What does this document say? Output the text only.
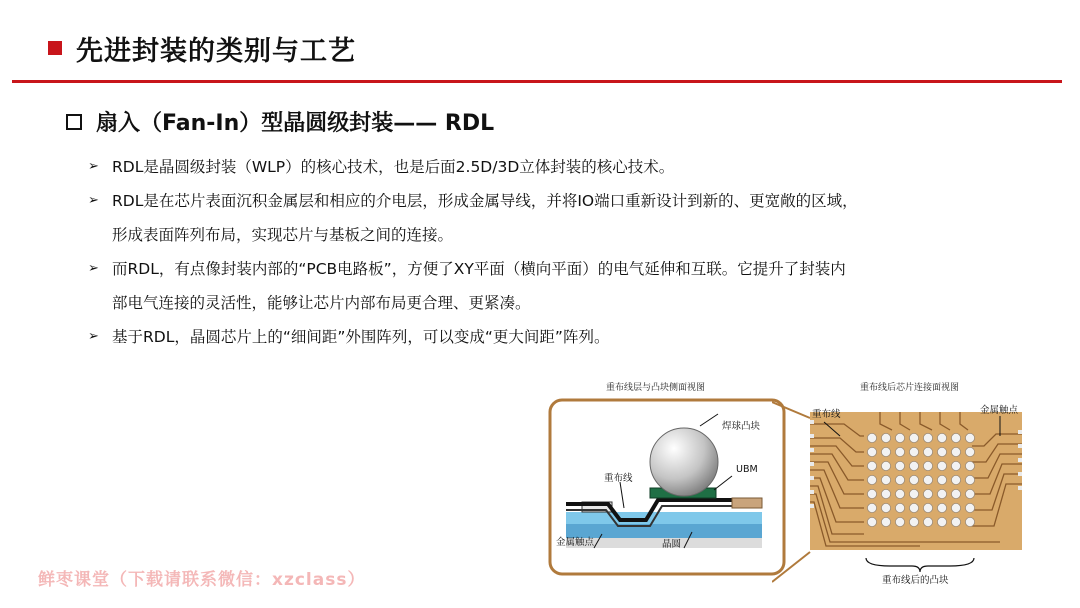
先进封装的类别与工艺
扇入（Fan-In）型晶圆级封装—— RDL
➢ RDL是晶圆级封装（WLP）的核心技术，也是后面2.5D/3D立体封装的核心技术。
➢ RDL是在芯片表面沉积金属层和相应的介电层，形成金属导线，并将IO端口重新设计到新的、更宽敞的区域，
形成表面阵列布局，实现芯片与基板之间的连接。
➢ 而RDL，有点像封装内部的“PCB电路板”，方便了XY平面（横向平面）的电气延伸和互联。它提升了封装内
部电气连接的灵活性，能够让芯片内部布局更合理、更紧凑。
➢ 基于RDL，晶圆芯片上的“细间距”外围阵列，可以变成“更大间距”阵列。
重布线层与凸块侧面视图
焊球凸块
UBM
重布线
金属触点	晶圆
重布线后芯片连接面视图
重布线	金属触点
重布线后的凸块
鲜枣课堂（下载请联系微信：xzclass）
